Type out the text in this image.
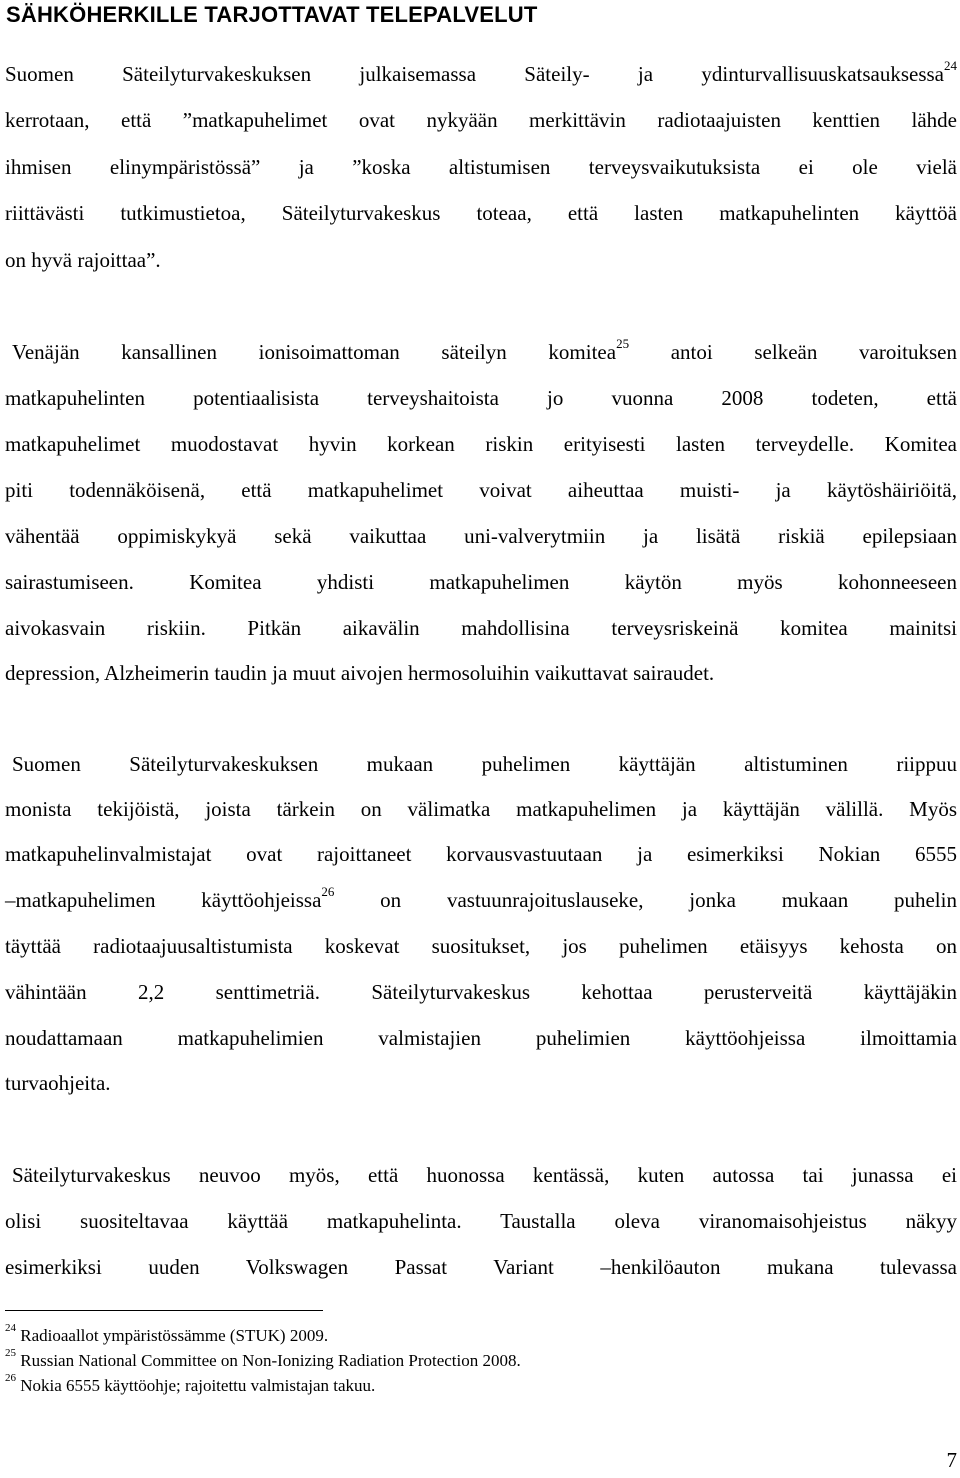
SÄHKÖHERKILLE TARJOTTAVAT TELEPALVELUT
Suomen Säteilyturvakeskuksen julkaisemassa Säteily- ja ydinturvallisuuskatsauksessa$^{24}$
kerrotaan, että ”matkapuhelimet ovat nykyään merkittävin radiotaajuisten kenttien lähde
ihmisen elinympäristössä” ja ”koska altistumisen terveysvaikutuksista ei ole vielä
riittävästi tutkimustietoa, Säteilyturvakeskus toteaa, että lasten matkapuhelinten käyttöä
on hyvä rajoittaa”.
Venäjän kansallinen ionisoimattoman säteilyn komitea$^{25}$ antoi selkeän varoituksen
matkapuhelinten potentiaalisista terveyshaitoista jo vuonna 2008 todeten, että
matkapuhelimet muodostavat hyvin korkean riskin erityisesti lasten terveydelle. Komitea
piti todennäköisenä, että matkapuhelimet voivat aiheuttaa muisti- ja käytöshäiriöitä,
vähentää oppimiskykyä sekä vaikuttaa uni-valverytmiin ja lisätä riskiä epilepsiaan
sairastumiseen. Komitea yhdisti matkapuhelimen käytön myös kohonneeseen
aivokasvain riskiin. Pitkän aikavälin mahdollisina terveysriskeinä komitea mainitsi
depression, Alzheimerin taudin ja muut aivojen hermosoluihin vaikuttavat sairaudet.
Suomen Säteilyturvakeskuksen mukaan puhelimen käyttäjän altistuminen riippuu
monista tekijöistä, joista tärkein on välimatka matkapuhelimen ja käyttäjän välillä. Myös
matkapuhelinvalmistajat ovat rajoittaneet korvausvastuutaan ja esimerkiksi Nokian 6555
–matkapuhelimen käyttöohjeissa$^{26}$ on vastuunrajoituslauseke, jonka mukaan puhelin
täyttää radiotaajuusaltistumista koskevat suositukset, jos puhelimen etäisyys kehosta on
vähintään 2,2 senttimetriä. Säteilyturvakeskus kehottaa perusterveitä käyttäjäkin
noudattamaan matkapuhelimien valmistajien puhelimien käyttöohjeissa ilmoittamia
turvaohjeita.
Säteilyturvakeskus neuvoo myös, että huonossa kentässä, kuten autossa tai junassa ei
olisi suositeltavaa käyttää matkapuhelinta. Taustalla oleva viranomaisohjeistus näkyy
esimerkiksi uuden Volkswagen Passat Variant –henkilöauton mukana tulevassa
$^{24}$ Radioaallot ympäristössämme (STUK) 2009.
$^{25}$ Russian National Committee on Non-Ionizing Radiation Protection 2008.
$^{26}$ Nokia 6555 käyttöohje; rajoitettu valmistajan takuu.
7
